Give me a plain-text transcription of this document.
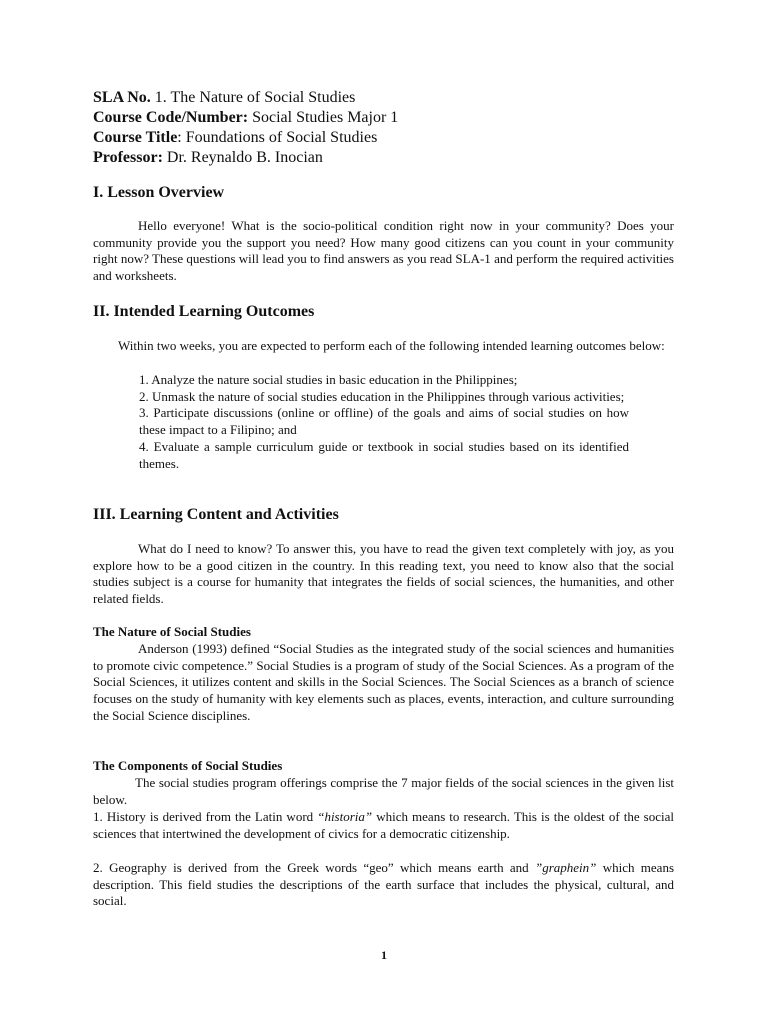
SLA No. 1. The Nature of Social Studies
Course Code/Number: Social Studies Major 1
Course Title: Foundations of Social Studies
Professor: Dr. Reynaldo B. Inocian
I. Lesson Overview
Hello everyone! What is the socio-political condition right now in your community? Does your community provide you the support you need? How many good citizens can you count in your community right now? These questions will lead you to find answers as you read SLA-1 and perform the required activities and worksheets.
II. Intended Learning Outcomes
Within two weeks, you are expected to perform each of the following intended learning outcomes below:
1. Analyze the nature social studies in basic education in the Philippines;
2. Unmask the nature of social studies education in the Philippines through various activities;
3. Participate discussions (online or offline) of the goals and aims of social studies on how these impact to a Filipino; and
4. Evaluate a sample curriculum guide or textbook in social studies based on its identified themes.
III. Learning Content and Activities
What do I need to know? To answer this, you have to read the given text completely with joy, as you explore how to be a good citizen in the country. In this reading text, you need to know also that the social studies subject is a course for humanity that integrates the fields of social sciences, the humanities, and other related fields.
The Nature of Social Studies
Anderson (1993) defined “Social Studies as the integrated study of the social sciences and humanities to promote civic competence.” Social Studies is a program of study of the Social Sciences. As a program of the Social Sciences, it utilizes content and skills in the Social Sciences. The Social Sciences as a branch of science focuses on the study of humanity with key elements such as places, events, interaction, and culture surrounding the Social Science disciplines.
The Components of Social Studies
The social studies program offerings comprise the 7 major fields of the social sciences in the given list below.
1. History is derived from the Latin word “historia” which means to research. This is the oldest of the social sciences that intertwined the development of civics for a democratic citizenship.
2. Geography is derived from the Greek words “geo” which means earth and ”graphein” which means description. This field studies the descriptions of the earth surface that includes the physical, cultural, and social.
1
